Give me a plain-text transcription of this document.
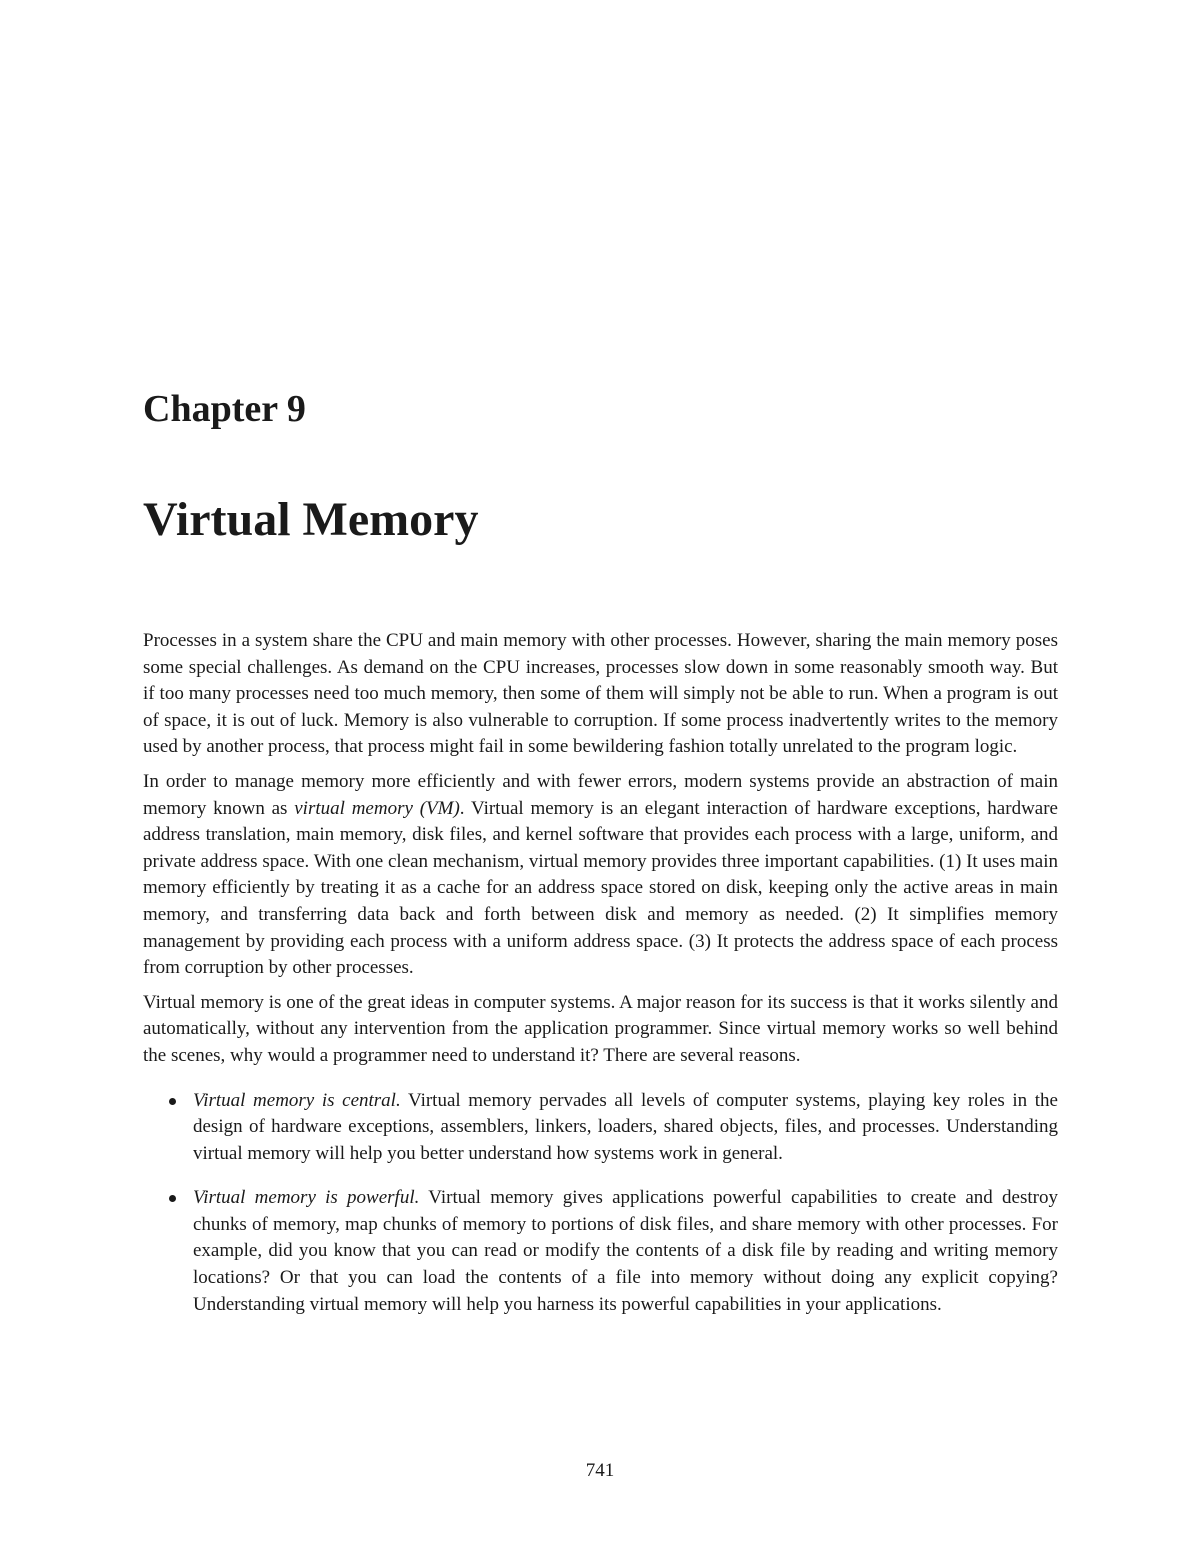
Chapter 9
Virtual Memory

Processes in a system share the CPU and main memory with other processes. However, sharing the main memory poses some special challenges. As demand on the CPU increases, processes slow down in some reasonably smooth way. But if too many processes need too much memory, then some of them will simply not be able to run. When a program is out of space, it is out of luck. Memory is also vulnerable to corruption. If some process inadvertently writes to the memory used by another process, that process might fail in some bewildering fashion totally unrelated to the program logic.

In order to manage memory more efficiently and with fewer errors, modern systems provide an abstraction of main memory known as virtual memory (VM). Virtual memory is an elegant interaction of hardware exceptions, hardware address translation, main memory, disk files, and kernel software that provides each process with a large, uniform, and private address space. With one clean mechanism, virtual memory provides three important capabilities. (1) It uses main memory efficiently by treating it as a cache for an address space stored on disk, keeping only the active areas in main memory, and transferring data back and forth between disk and memory as needed. (2) It simplifies memory management by providing each process with a uniform address space. (3) It protects the address space of each process from corruption by other processes.

Virtual memory is one of the great ideas in computer systems. A major reason for its success is that it works silently and automatically, without any intervention from the application programmer. Since virtual memory works so well behind the scenes, why would a programmer need to understand it? There are several reasons.

Virtual memory is central. Virtual memory pervades all levels of computer systems, playing key roles in the design of hardware exceptions, assemblers, linkers, loaders, shared objects, files, and processes. Understanding virtual memory will help you better understand how systems work in general.
Virtual memory is powerful. Virtual memory gives applications powerful capabilities to create and destroy chunks of memory, map chunks of memory to portions of disk files, and share memory with other processes. For example, did you know that you can read or modify the contents of a disk file by reading and writing memory locations? Or that you can load the contents of a file into memory without doing any explicit copying? Understanding virtual memory will help you harness its powerful capabilities in your applications.
741
